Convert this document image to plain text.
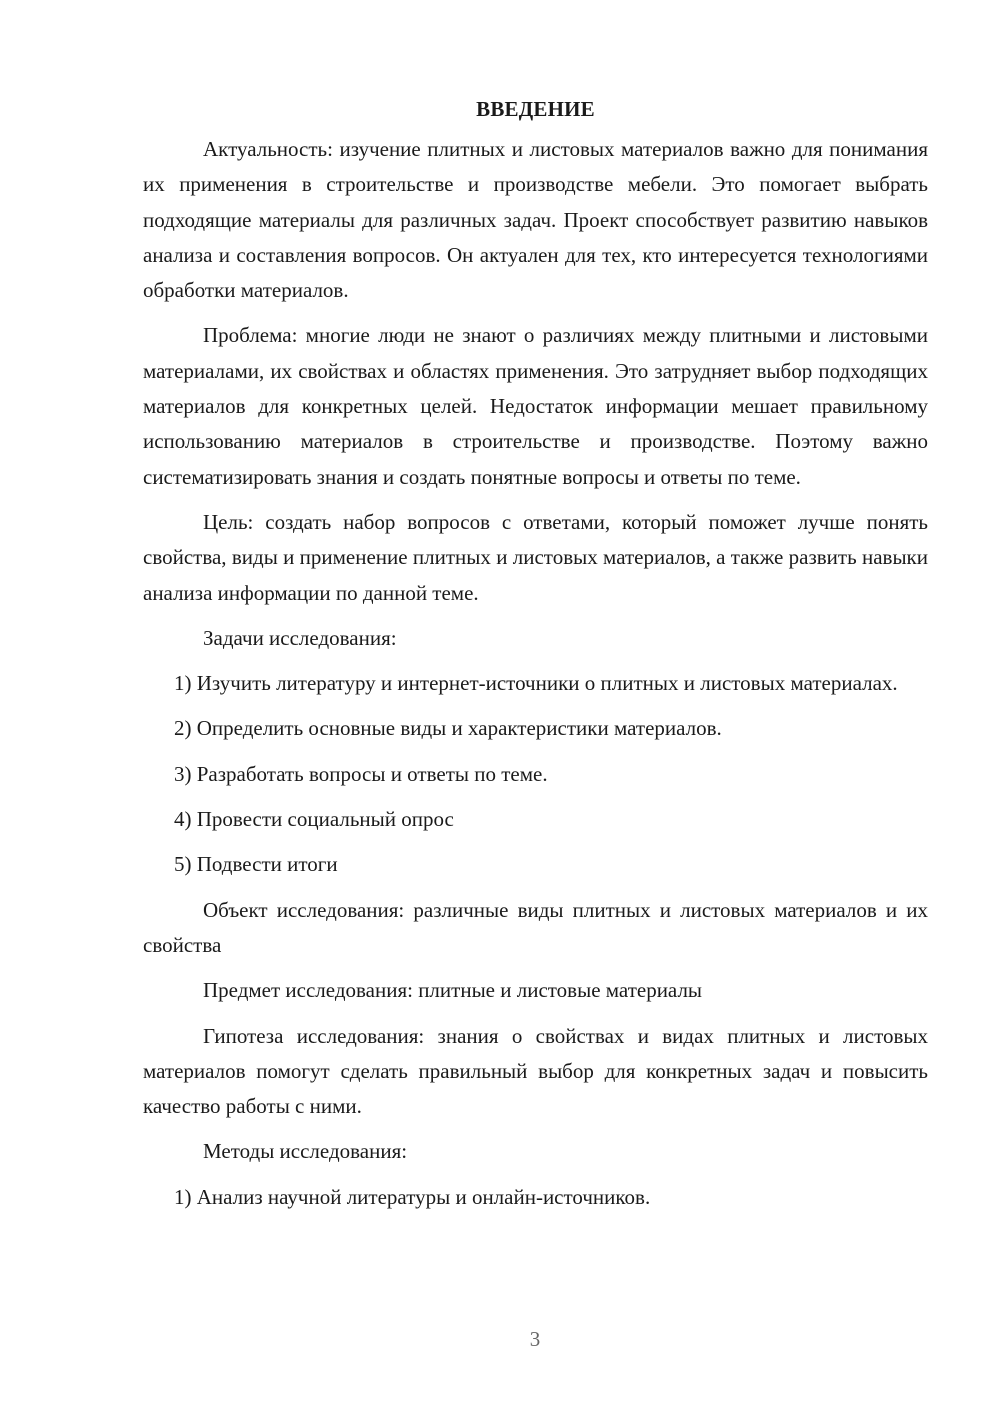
ВВЕДЕНИЕ

Актуальность: изучение плитных и листовых материалов важно для понимания их применения в строительстве и производстве мебели. Это помогает выбрать подходящие материалы для различных задач. Проект способствует развитию навыков анализа и составления вопросов. Он актуален для тех, кто интересуется технологиями обработки материалов.

Проблема: многие люди не знают о различиях между плитными и листовыми материалами, их свойствах и областях применения. Это затрудняет выбор подходящих материалов для конкретных целей. Недостаток информации мешает правильному использованию материалов в строительстве и производстве. Поэтому важно систематизировать знания и создать понятные вопросы и ответы по теме.

Цель: создать набор вопросов с ответами, который поможет лучше понять свойства, виды и применение плитных и листовых материалов, а также развить навыки анализа информации по данной теме.

Задачи исследования:

1) Изучить литературу и интернет-источники о плитных и листовых материалах.

2) Определить основные виды и характеристики материалов.

3) Разработать вопросы и ответы по теме.

4) Провести социальный опрос

5) Подвести итоги

Объект исследования: различные виды плитных и листовых материалов и их свойства

Предмет исследования: плитные и листовые материалы

Гипотеза исследования: знания о свойствах и видах плитных и листовых материалов помогут сделать правильный выбор для конкретных задач и повысить качество работы с ними.

Методы исследования:

1) Анализ научной литературы и онлайн-источников.

3
